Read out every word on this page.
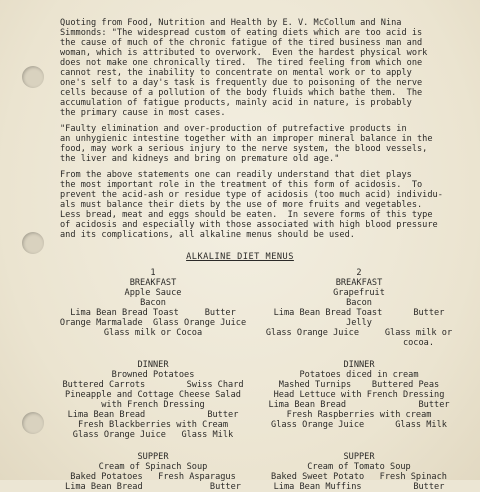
Quoting from Food, Nutrition and Health by E. V. McCollum and Nina

Simmonds: "The widespread custom of eating diets which are too acid is

the cause of much of the chronic fatigue of the tired business man and

woman, which is attributed to overwork.  Even the hardest physical work

does not make one chronically tired.  The tired feeling from which one

cannot rest, the inability to concentrate on mental work or to apply

one's self to a day's task is frequently due to poisoning of the nerve

cells because of a pollution of the body fluids which bathe them.  The

accumulation of fatigue products, mainly acid in nature, is probably

the primary cause in most cases.

"Faulty elimination and over-production of putrefactive products in

an unhygienic intestine together with an improper mineral balance in the

food, may work a serious injury to the nerve system, the blood vessels,

the liver and kidneys and bring on premature old age."

From the above statements one can readily understand that diet plays

the most important role in the treatment of this form of acidosis.  To

prevent the acid-ash or residue type of acidosis (too much acid) individu-

als must balance their diets by the use of more fruits and vegetables.

Less bread, meat and eggs should be eaten.  In severe forms of this type

of acidosis and especially with those associated with high blood pressure

and its complications, all alkaline menus should be used.

ALKALINE DIET MENUS

1

BREAKFAST

Apple Sauce

Bacon

Lima Bean Bread Toast     Butter

Orange Marmalade  Glass Orange Juice

Glass milk or Cocoa

DINNER

Browned Potatoes

Buttered Carrots        Swiss Chard

Pineapple and Cottage Cheese Salad

with French Dressing

Lima Bean Bread            Butter

Fresh Blackberries with Cream

Glass Orange Juice   Glass Milk

SUPPER

Cream of Spinach Soup

Baked Potatoes   Fresh Asparagus

Lima Bean Bread             Butter

2

BREAKFAST

Grapefruit

Bacon

Lima Bean Bread Toast      Butter

Jelly

Glass Orange Juice     Glass milk or

cocoa.

DINNER

Potatoes diced in cream

Mashed Turnips    Buttered Peas

Head Lettuce with French Dressing

Lima Bean Bread              Butter

Fresh Raspberries with cream

Glass Orange Juice      Glass Milk

SUPPER

Cream of Tomato Soup

Baked Sweet Potato   Fresh Spinach

Lima Bean Muffins          Butter
